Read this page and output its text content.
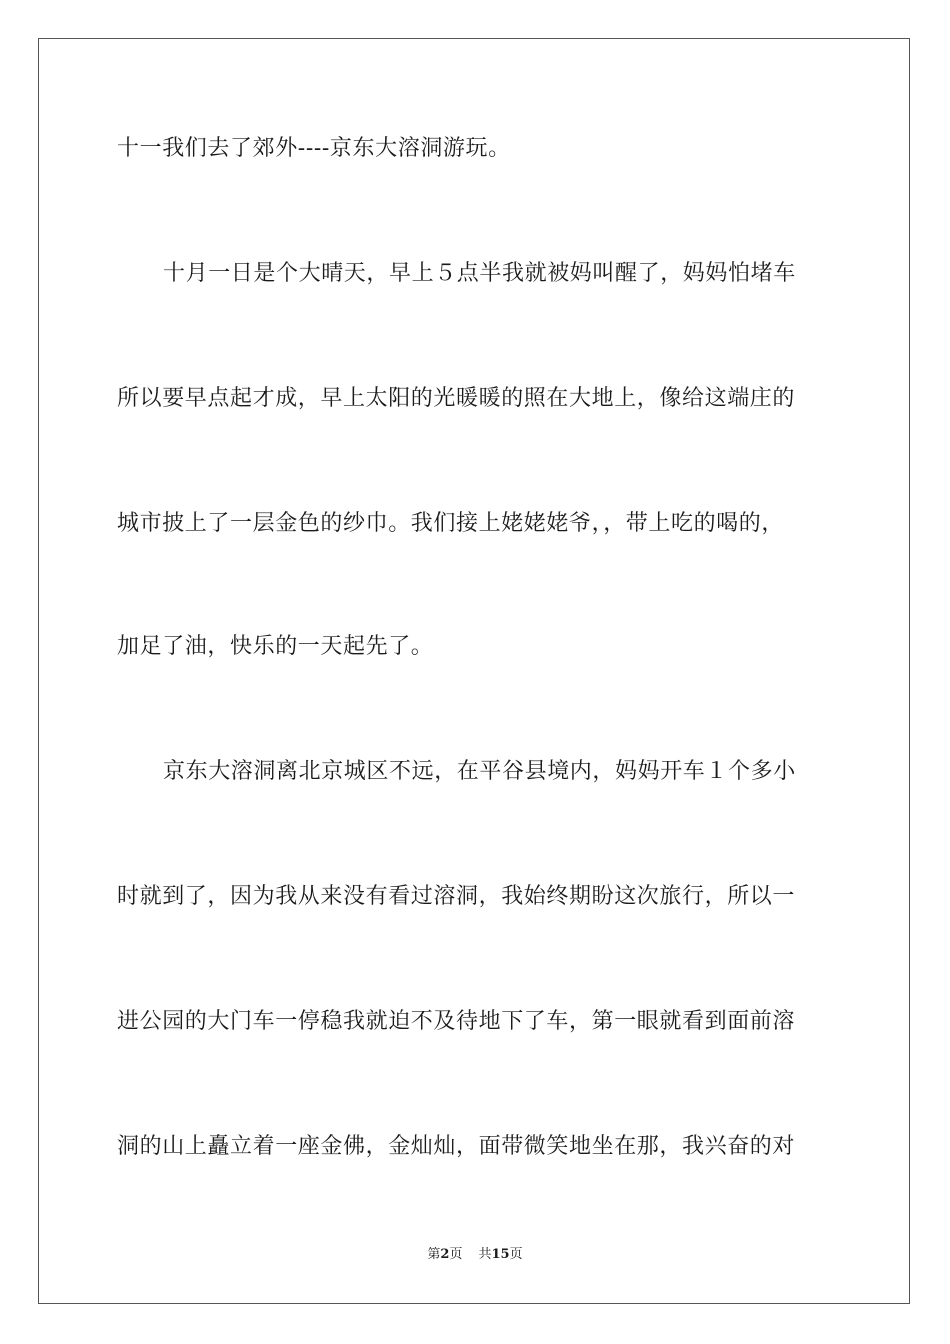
十一我们去了郊外----京东大溶洞游玩。
十月一日是个大晴天，早上５点半我就被妈叫醒了，妈妈怕堵车
所以要早点起才成，早上太阳的光暖暖的照在大地上，像给这端庄的
城市披上了一层金色的纱巾。我们接上姥姥姥爷，，带上吃的喝的，
加足了油，快乐的一天起先了。
京东大溶洞离北京城区不远，在平谷县境内，妈妈开车１个多小
时就到了，因为我从来没有看过溶洞，我始终期盼这次旅行，所以一
进公园的大门车一停稳我就迫不及待地下了车，第一眼就看到面前溶
洞的山上矗立着一座金佛，金灿灿，面带微笑地坐在那，我兴奋的对
第2页 共15页
